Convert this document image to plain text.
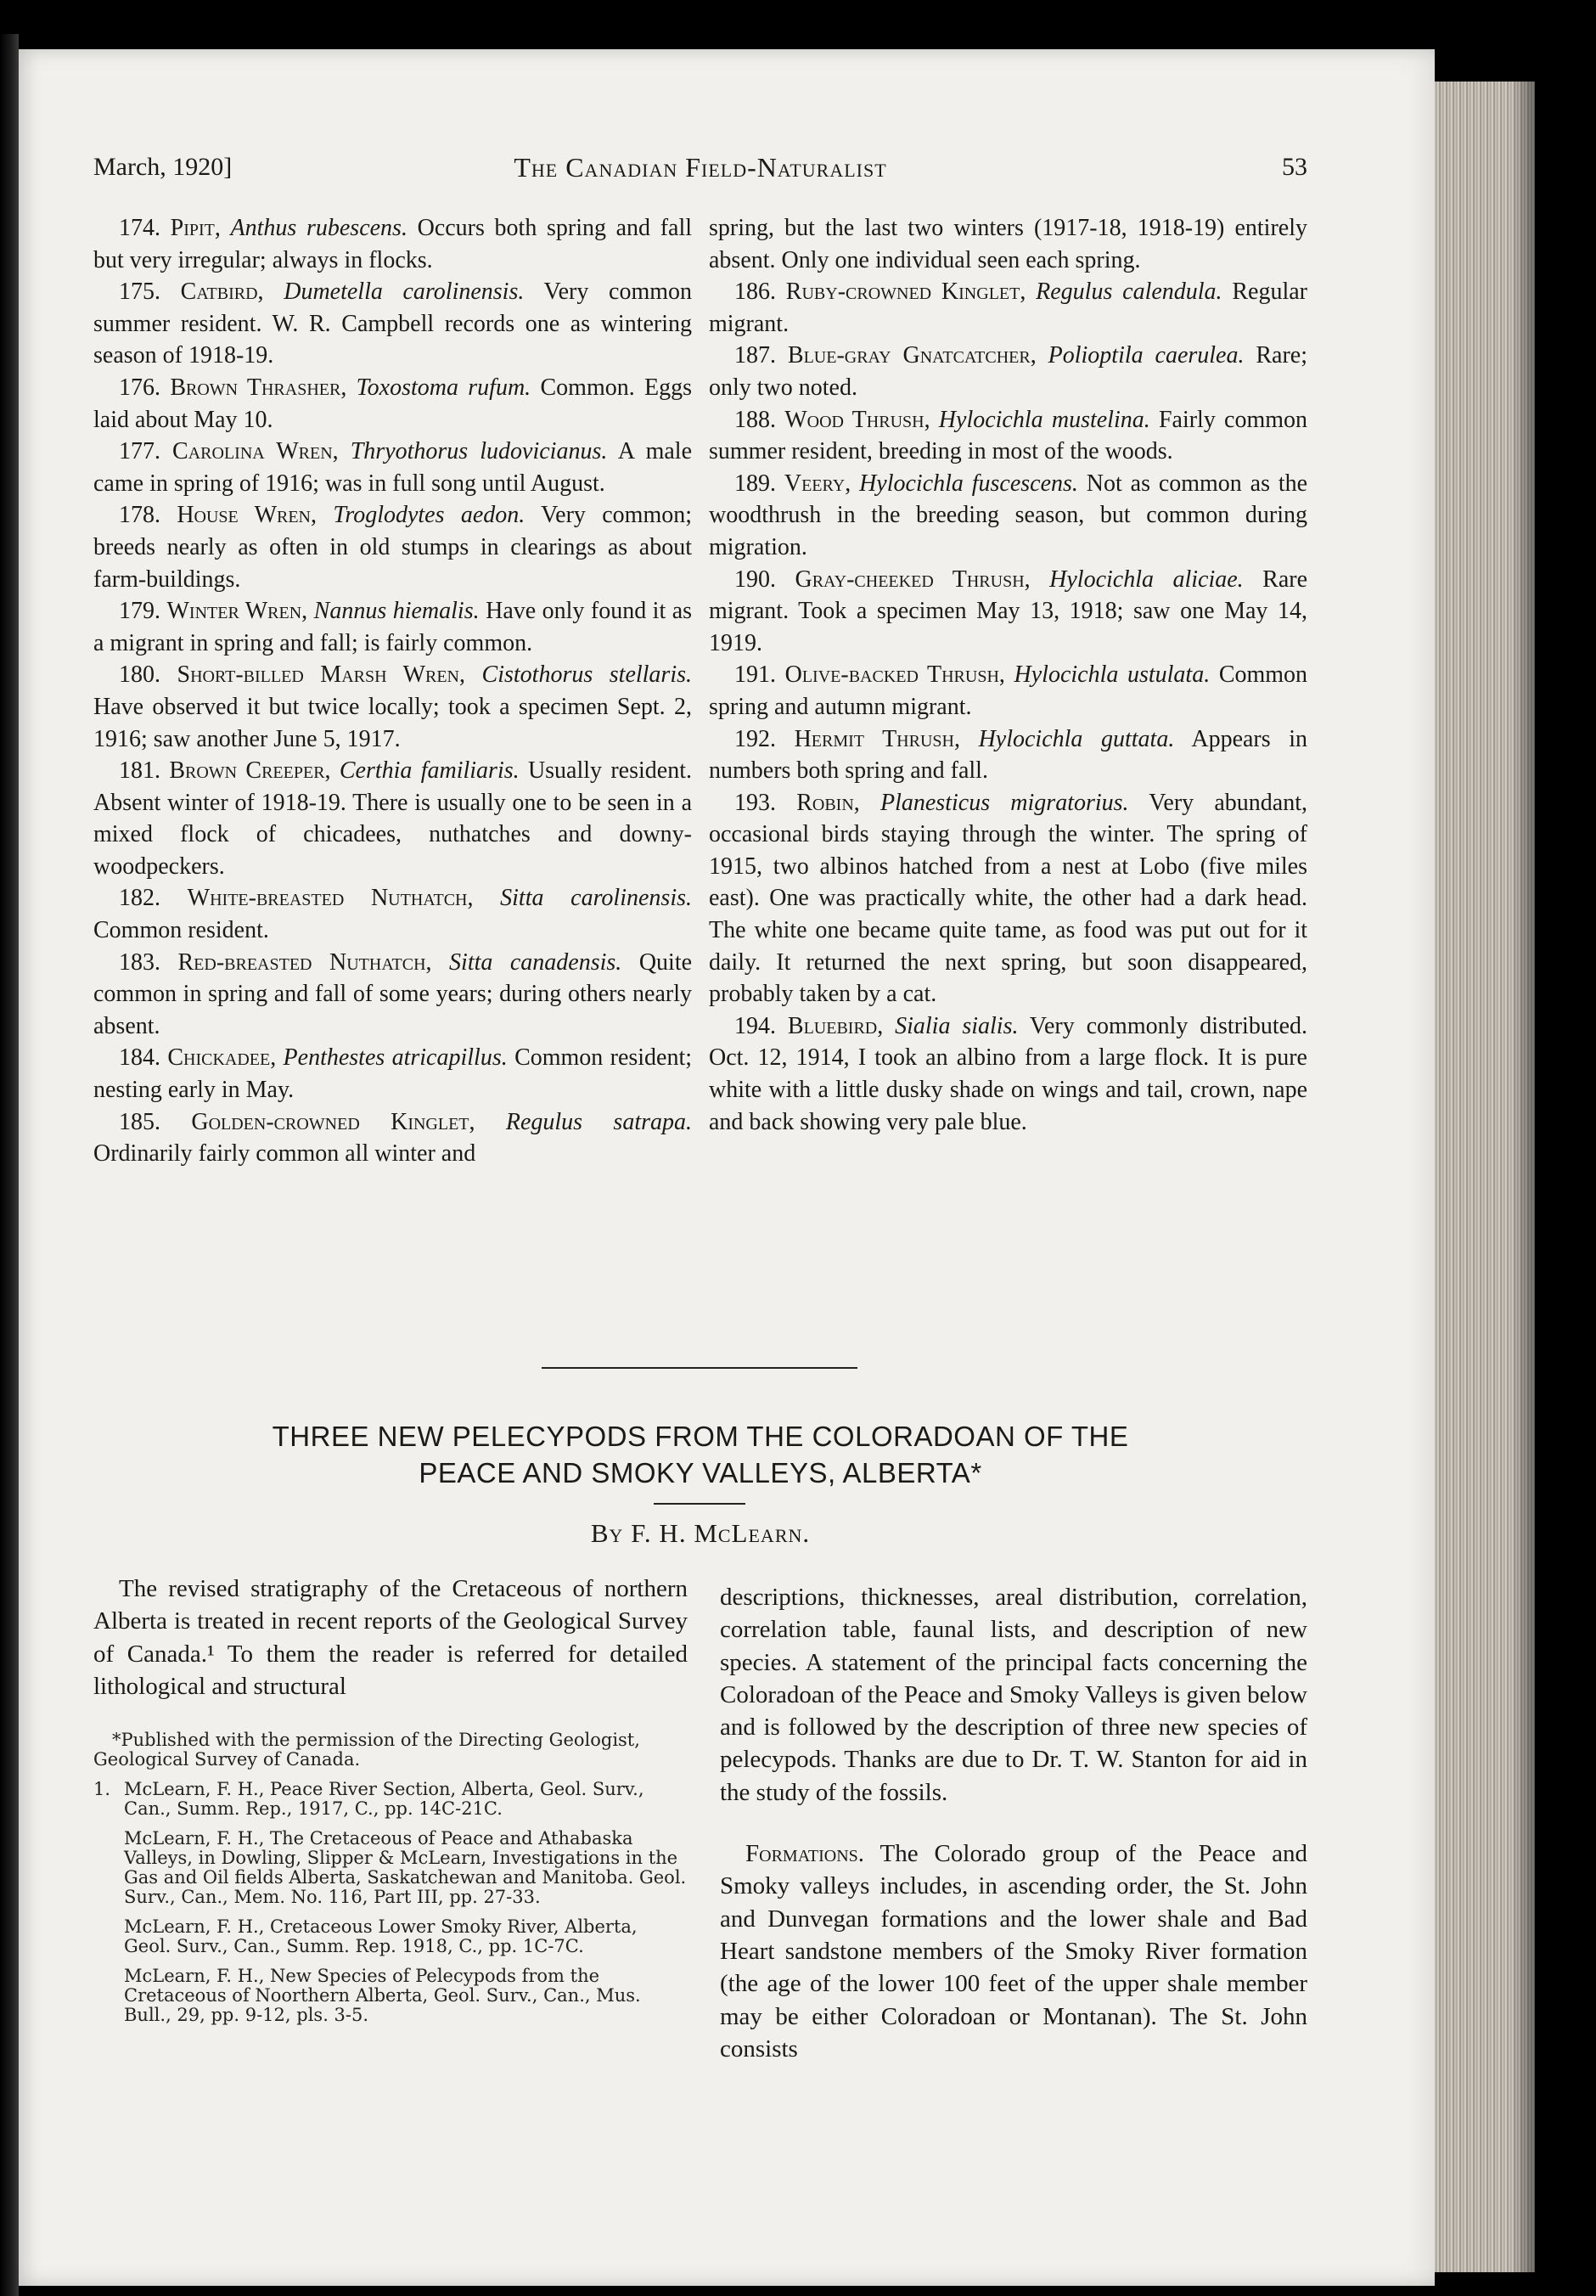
March, 1920]	The Canadian Field-Naturalist	53

174. Pipit, Anthus rubescens. Occurs both spring and fall but very irregular; always in flocks.

175. Catbird, Dumetella carolinensis. Very common summer resident. W. R. Campbell records one as wintering season of 1918-19.

176. Brown Thrasher, Toxostoma rufum. Common. Eggs laid about May 10.

177. Carolina Wren, Thryothorus ludovicianus. A male came in spring of 1916; was in full song until August.

178. House Wren, Troglodytes aedon. Very common; breeds nearly as often in old stumps in clearings as about farm-buildings.

179. Winter Wren, Nannus hiemalis. Have only found it as a migrant in spring and fall; is fairly common.

180. Short-billed Marsh Wren, Cistothorus stellaris. Have observed it but twice locally; took a specimen Sept. 2, 1916; saw another June 5, 1917.

181. Brown Creeper, Certhia familiaris. Usually resident. Absent winter of 1918-19. There is usually one to be seen in a mixed flock of chicadees, nuthatches and downy-woodpeckers.

182. White-breasted Nuthatch, Sitta carolinensis. Common resident.

183. Red-breasted Nuthatch, Sitta canadensis. Quite common in spring and fall of some years; during others nearly absent.

184. Chickadee, Penthestes atricapillus. Common resident; nesting early in May.

185. Golden-crowned Kinglet, Regulus satrapa. Ordinarily fairly common all winter and

spring, but the last two winters (1917-18, 1918-19) entirely absent. Only one individual seen each spring.

186. Ruby-crowned Kinglet, Regulus calendula. Regular migrant.

187. Blue-gray Gnatcatcher, Polioptila caerulea. Rare; only two noted.

188. Wood Thrush, Hylocichla mustelina. Fairly common summer resident, breeding in most of the woods.

189. Veery, Hylocichla fuscescens. Not as common as the woodthrush in the breeding season, but common during migration.

190. Gray-cheeked Thrush, Hylocichla aliciae. Rare migrant. Took a specimen May 13, 1918; saw one May 14, 1919.

191. Olive-backed Thrush, Hylocichla ustulata. Common spring and autumn migrant.

192. Hermit Thrush, Hylocichla guttata. Appears in numbers both spring and fall.

193. Robin, Planesticus migratorius. Very abundant, occasional birds staying through the winter. The spring of 1915, two albinos hatched from a nest at Lobo (five miles east). One was practically white, the other had a dark head. The white one became quite tame, as food was put out for it daily. It returned the next spring, but soon disappeared, probably taken by a cat.

194. Bluebird, Sialia sialis. Very commonly distributed. Oct. 12, 1914, I took an albino from a large flock. It is pure white with a little dusky shade on wings and tail, crown, nape and back showing very pale blue.

THREE NEW PELECYPODS FROM THE COLORADOAN OF THE
PEACE AND SMOKY VALLEYS, ALBERTA*
By F. H. McLearn.

The revised stratigraphy of the Cretaceous of northern Alberta is treated in recent reports of the Geological Survey of Canada.¹ To them the reader is referred for detailed lithological and structural

*Published with the permission of the Directing Geologist, Geological Survey of Canada.

1. McLearn, F. H., Peace River Section, Alberta, Geol. Surv., Can., Summ. Rep., 1917, C., pp. 14C-21C.

McLearn, F. H., The Cretaceous of Peace and Athabaska Valleys, in Dowling, Slipper & McLearn, Investigations in the Gas and Oil fields Alberta, Saskatchewan and Manitoba. Geol. Surv., Can., Mem. No. 116, Part III, pp. 27-33.

McLearn, F. H., Cretaceous Lower Smoky River, Alberta, Geol. Surv., Can., Summ. Rep. 1918, C., pp. 1C-7C.

McLearn, F. H., New Species of Pelecypods from the Cretaceous of Noorthern Alberta, Geol. Surv., Can., Mus. Bull., 29, pp. 9-12, pls. 3-5.

descriptions, thicknesses, areal distribution, correlation, correlation table, faunal lists, and description of new species. A statement of the principal facts concerning the Coloradoan of the Peace and Smoky Valleys is given below and is followed by the description of three new species of pelecypods. Thanks are due to Dr. T. W. Stanton for aid in the study of the fossils.

Formations. The Colorado group of the Peace and Smoky valleys includes, in ascending order, the St. John and Dunvegan formations and the lower shale and Bad Heart sandstone members of the Smoky River formation (the age of the lower 100 feet of the upper shale member may be either Coloradoan or Montanan). The St. John consists
